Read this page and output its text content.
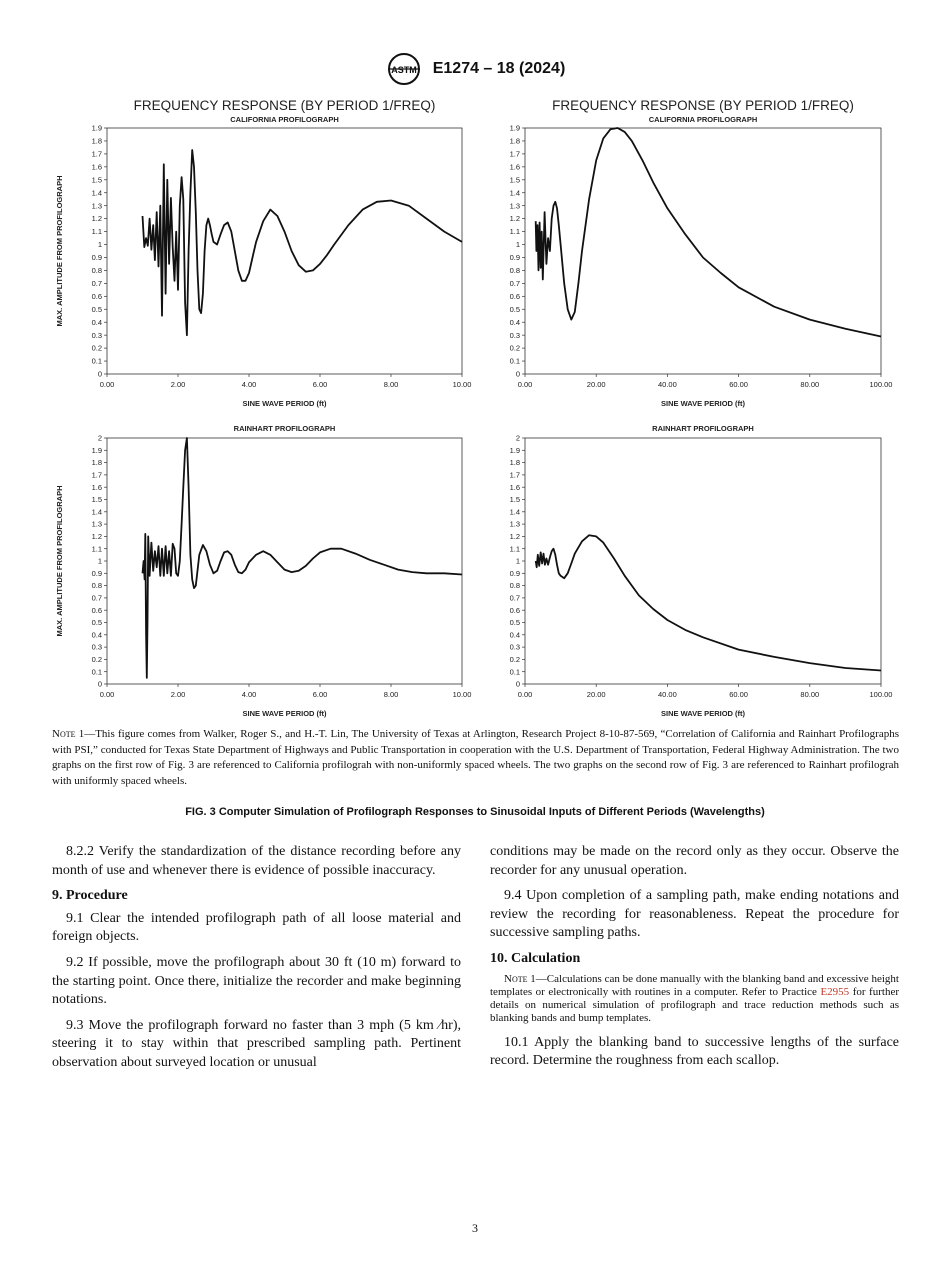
ASTM E1274 – 18 (2024)
FREQUENCY RESPONSE (BY PERIOD 1/FREQ)
CALIFORNIA PROFILOGRAPH
0
0.1
0.2
0.3
0.4
0.5
0.6
0.7
0.8
0.9
1
1.1
1.2
1.3
1.4
1.5
1.6
1.7
1.8
1.9
0.00	2.00	4.00	6.00	8.00	10.00
SINE WAVE PERIOD (ft)
MAX. AMPLITUDE FROM PROFILOGRAPH
FREQUENCY RESPONSE (BY PERIOD 1/FREQ)
CALIFORNIA PROFILOGRAPH
0
0.1
0.2
0.3
0.4
0.5
0.6
0.7
0.8
0.9
1
1.1
1.2
1.3
1.4
1.5
1.6
1.7
1.8
1.9
0.00	20.00	40.00	60.00	80.00	100.00
SINE WAVE PERIOD (ft)
RAINHART PROFILOGRAPH
0
0.1
0.2
0.3
0.4
0.5
0.6
0.7
0.8
0.9
1
1.1
1.2
1.3
1.4
1.5
1.6
1.7
1.8
1.9
2
0.00	2.00	4.00	6.00	8.00	10.00
SINE WAVE PERIOD (ft)
MAX. AMPLITUDE FROM PROFILOGRAPH
RAINHART PROFILOGRAPH
0
0.1
0.2
0.3
0.4
0.5
0.6
0.7
0.8
0.9
1
1.1
1.2
1.3
1.4
1.5
1.6
1.7
1.8
1.9
2
0.00	20.00	40.00	60.00	80.00	100.00
SINE WAVE PERIOD (ft)
Note 1—This figure comes from Walker, Roger S., and H.-T. Lin, The University of Texas at Arlington, Research Project 8-10-87-569, “Correlation of California and Rainhart Profilographs with PSI,” conducted for Texas State Department of Highways and Public Transportation in cooperation with the U.S. Department of Transportation, Federal Highway Administration. The two graphs on the first row of Fig. 3 are referenced to California profilograh with non-uniformly spaced wheels. The two graphs on the second row of Fig. 3 are referenced to Rainhart profilograh with uniformly spaced wheels.
FIG. 3 Computer Simulation of Profilograph Responses to Sinusoidal Inputs of Different Periods (Wavelengths)

8.2.2 Verify the standardization of the distance recording before any month of use and whenever there is evidence of possible inaccuracy.

9. Procedure

9.1 Clear the intended profilograph path of all loose material and foreign objects.

9.2 If possible, move the profilograph about 30 ft (10 m) forward to the starting point. Once there, initialize the recorder and make beginning notations.

9.3 Move the profilograph forward no faster than 3 mph (5 km ⁄hr), steering it to stay within that prescribed sampling path. Pertinent observation about surveyed location or unusual

conditions may be made on the record only as they occur. Observe the recorder for any unusual operation.

9.4 Upon completion of a sampling path, make ending notations and review the recording for reasonableness. Repeat the procedure for successive sampling paths.

10. Calculation

Note 1—Calculations can be done manually with the blanking band and excessive height templates or electronically with routines in a computer. Refer to Practice E2955 for further details on numerical simulation of profilograph and trace reduction methods such as blanking bands and bump templates.

10.1 Apply the blanking band to successive lengths of the surface record. Determine the roughness from each scallop.

3
